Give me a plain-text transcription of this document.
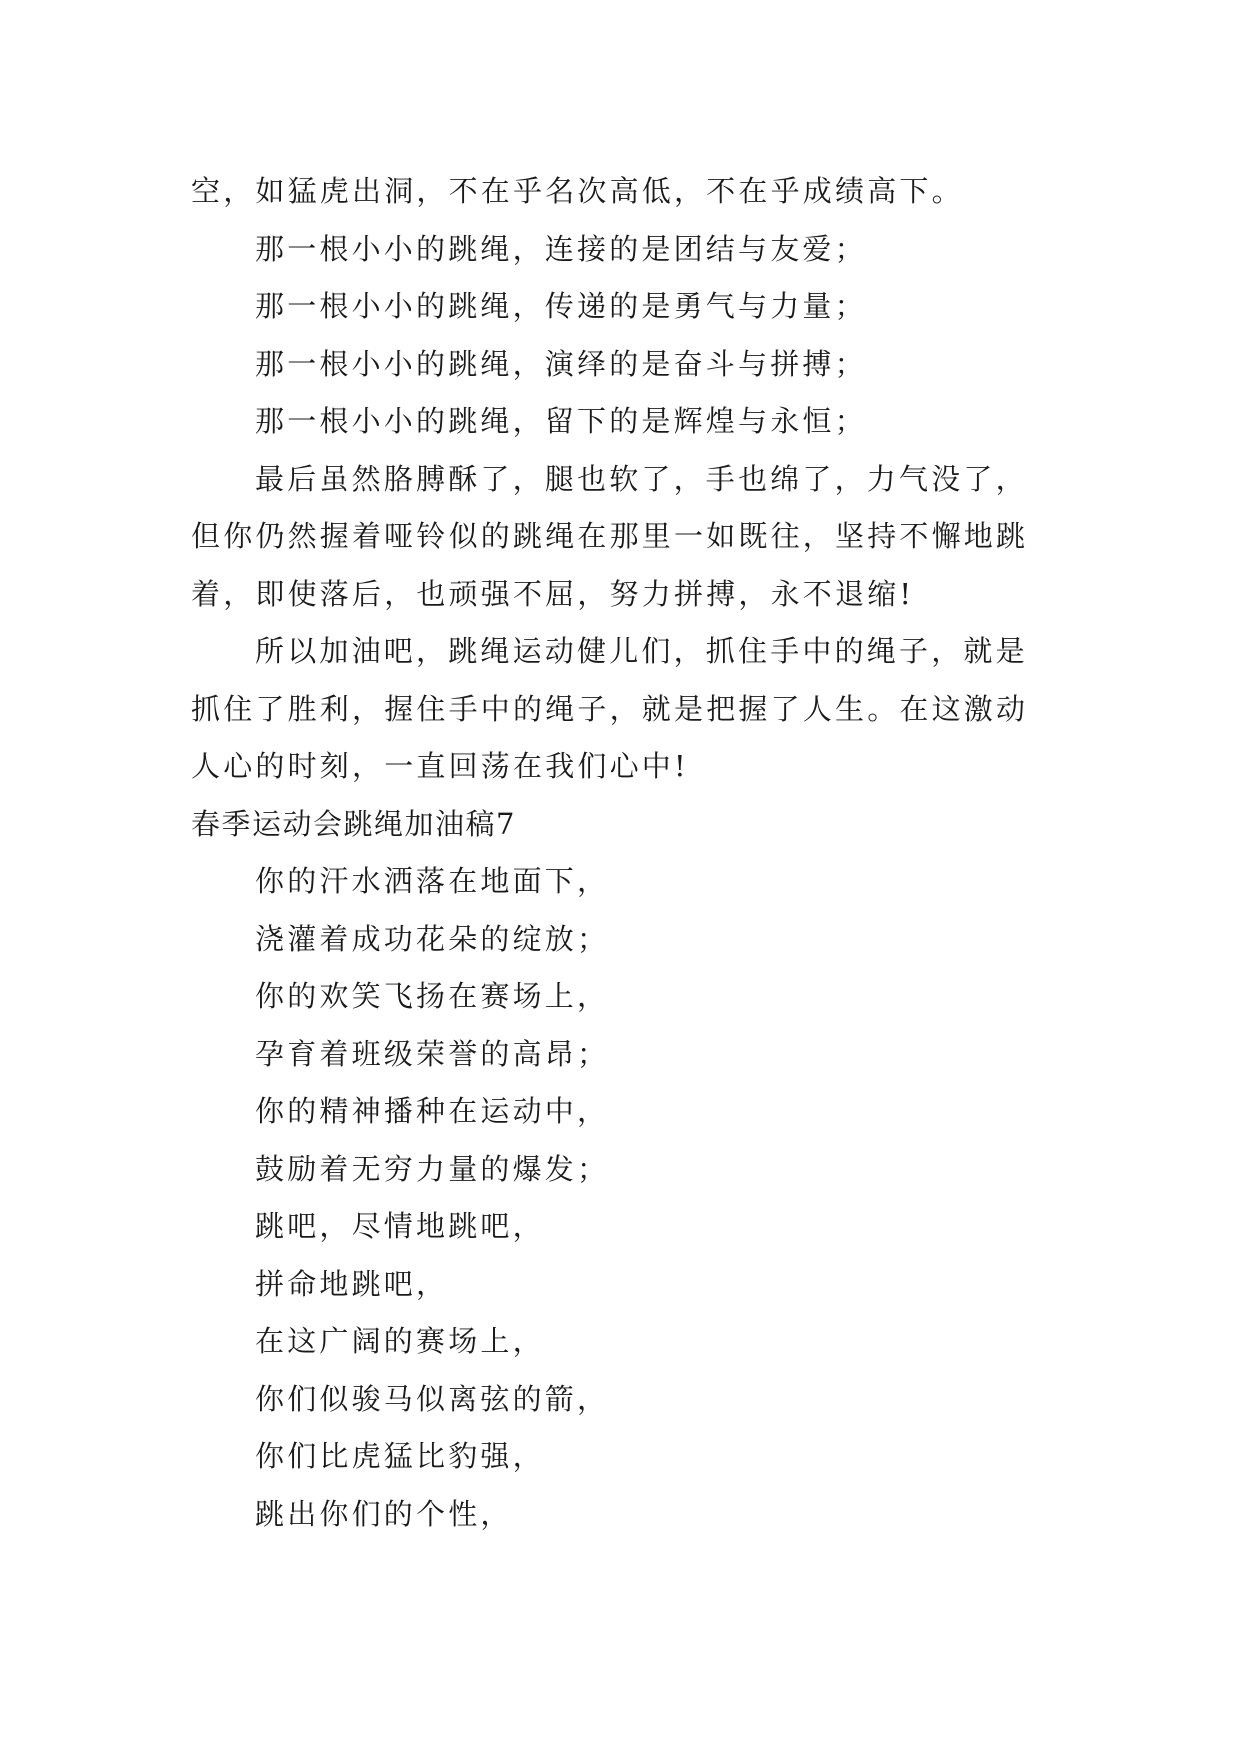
空，如猛虎出洞，不在乎名次高低，不在乎成绩高下。
那一根小小的跳绳，连接的是团结与友爱；
那一根小小的跳绳，传递的是勇气与力量；
那一根小小的跳绳，演绎的是奋斗与拼搏；
那一根小小的跳绳，留下的是辉煌与永恒；
最后虽然胳膊酥了，腿也软了，手也绵了，力气没了，
但你仍然握着哑铃似的跳绳在那里一如既往，坚持不懈地跳
着，即使落后，也顽强不屈，努力拼搏，永不退缩!
所以加油吧，跳绳运动健儿们，抓住手中的绳子，就是
抓住了胜利，握住手中的绳子，就是把握了人生。在这激动
人心的时刻，一直回荡在我们心中!
春季运动会跳绳加油稿7
你的汗水洒落在地面下，
浇灌着成功花朵的绽放；
你的欢笑飞扬在赛场上，
孕育着班级荣誉的高昂；
你的精神播种在运动中，
鼓励着无穷力量的爆发；
跳吧，尽情地跳吧，
拼命地跳吧，
在这广阔的赛场上，
你们似骏马似离弦的箭，
你们比虎猛比豹强，
跳出你们的个性，
